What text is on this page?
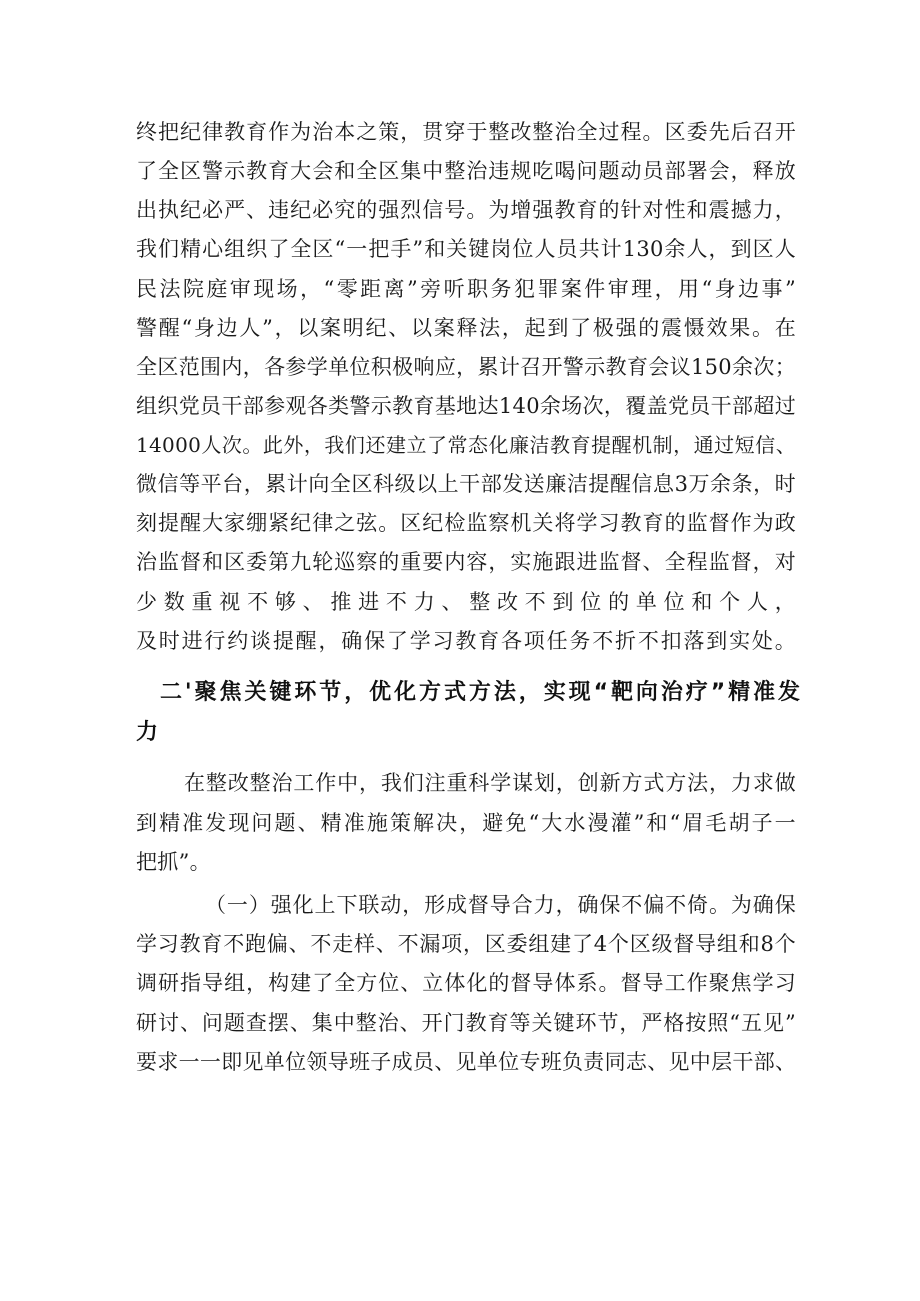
终把纪律教育作为治本之策，贯穿于整改整治全过程。区委先后召开
了全区警示教育大会和全区集中整治违规吃喝问题动员部署会，释放
出执纪必严、违纪必究的强烈信号。为增强教育的针对性和震撼力，
我们精心组织了全区“一把手”和关键岗位人员共计130余人，到区人
民法院庭审现场，“零距离”旁听职务犯罪案件审理，用“身边事”
警醒“身边人”，以案明纪、以案释法，起到了极强的震慑效果。在
全区范围内，各参学单位积极响应，累计召开警示教育会议150余次；
组织党员干部参观各类警示教育基地达140余场次，覆盖党员干部超过
14000人次。此外，我们还建立了常态化廉洁教育提醒机制，通过短信、
微信等平台，累计向全区科级以上干部发送廉洁提醒信息3万余条，时
刻提醒大家绷紧纪律之弦。区纪检监察机关将学习教育的监督作为政
治监督和区委第九轮巡察的重要内容，实施跟进监督、全程监督，对
少数重视不够、推进不力、整改不到位的单位和个人，
及时进行约谈提醒，确保了学习教育各项任务不折不扣落到实处。
二'聚焦关键环节，优化方式方法，实现“靶向治疗”精准发
力
在整改整治工作中，我们注重科学谋划，创新方式方法，力求做
到精准发现问题、精准施策解决，避免“大水漫灌”和“眉毛胡子一
把抓”。
（一）强化上下联动，形成督导合力，确保不偏不倚。为确保
学习教育不跑偏、不走样、不漏项，区委组建了4个区级督导组和8个
调研指导组，构建了全方位、立体化的督导体系。督导工作聚焦学习
研讨、问题查摆、集中整治、开门教育等关键环节，严格按照“五见”
要求一一即见单位领导班子成员、见单位专班负责同志、见中层干部、
